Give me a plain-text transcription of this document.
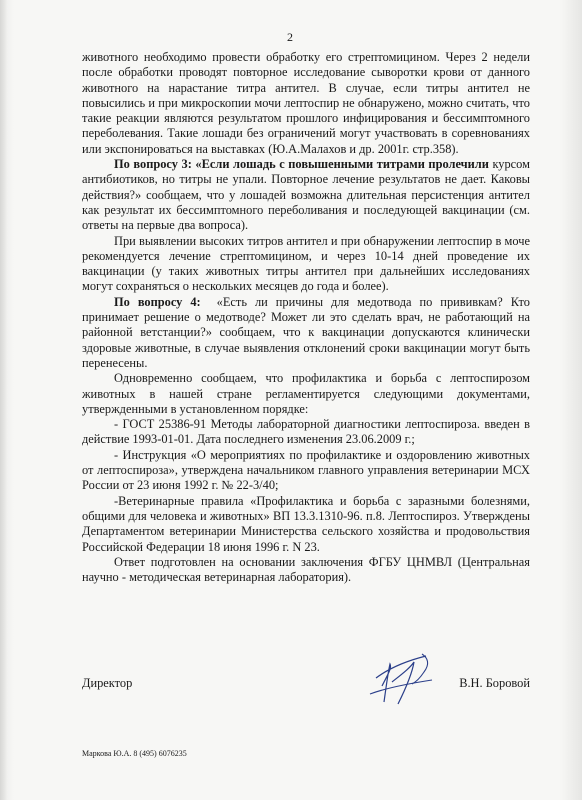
2

животного необходимо провести обработку его стрептомицином. Через 2 недели после обработки проводят повторное исследование сыворотки крови от данного животного на нарастание титра антител. В случае, если титры антител не повысились и при микроскопии мочи лептоспир не обнаружено, можно считать, что такие реакции являются результатом прошлого инфицирования и бессимптомного переболевания. Такие лошади без ограничений могут участвовать в соревнованиях или экспонироваться на выставках (Ю.А.Малахов и др. 2001г. стр.358).

По вопросу 3: «Если лошадь с повышенными титрами пролечили курсом антибиотиков, но титры не упали. Повторное лечение результатов не дает. Каковы действия?» сообщаем, что у лошадей возможна длительная персистенция антител как результат их бессимптомного переболивания и последующей вакцинации (см. ответы на первые два вопроса).

При выявлении высоких титров антител и при обнаружении лептоспир в моче рекомендуется лечение стрептомицином, и через 10-14 дней проведение их вакцинации (у таких животных титры антител при дальнейших исследованиях могут сохраняться о нескольких месяцев до года и более).

По вопросу 4: «Есть ли причины для медотвода по прививкам? Кто принимает решение о медотводе? Может ли это сделать врач, не работающий на районной ветстанции?» сообщаем, что к вакцинации допускаются клинически здоровые животные, в случае выявления отклонений сроки вакцинации могут быть перенесены.

Одновременно сообщаем, что профилактика и борьба с лептоспирозом животных в нашей стране регламентируется следующими документами, утвержденными в установленном порядке:

- ГОСТ 25386-91 Методы лабораторной диагностики лептоспироза. введен в действие 1993-01-01. Дата последнего изменения 23.06.2009 г.;

- Инструкция «О мероприятиях по профилактике и оздоровлению животных от лептоспироза», утверждена начальником главного управления ветеринарии МСХ России от 23 июня 1992 г. № 22-3/40;

-Ветеринарные правила «Профилактика и борьба с заразными болезнями, общими для человека и животных» ВП 13.3.1310-96. п.8. Лептоспироз. Утверждены Департаментом ветеринарии Министерства сельского хозяйства и продовольствия Российской Федерации 18 июня 1996 г. N 23.

Ответ подготовлен на основании заключения ФГБУ ЦНМВЛ (Центральная научно - методическая ветеринарная лаборатория).

Директор	В.Н. Боровой
Маркова Ю.А. 8 (495) 6076235
